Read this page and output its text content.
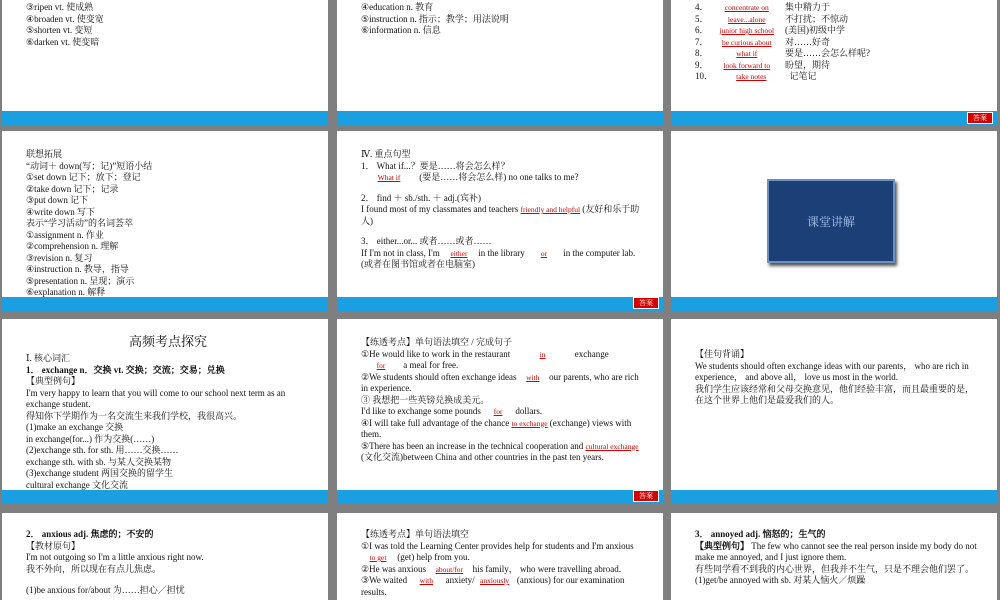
③ripen vt. 使成熟
④broaden vt. 使变宽
⑤shorten vt. 变短
⑥darken vt. 使变暗
④education n. 教育
⑤instruction n. 指示；教学；用法说明
⑥information n. 信息
4． concentrate on 集中精力于
5．	leave...alone 不打扰；不惊动
6． junior high school (美国)初级中学
7． be curious about 对……好奇
8．	what if	要是……会怎么样呢?
9． look forward to 盼望，期待
10．	take notes	记笔记
答案
联想拓展
“动词＋ down(写；记)”短语小结
①set down 记下；放下；登记
②take down 记下；记录
③put down 记下
④write down 写下
表示“学习活动”的名词荟萃
①assignment n. 作业
②comprehension n. 理解
③revision n. 复习
④instruction n. 教导，指导
⑤presentation n. 呈现；演示
⑥explanation n. 解释
Ⅳ. 重点句型
1． What if...？要是……将会怎么样？
What if (要是……将会怎么样) no one talks to me?
2． find ＋ sb./sth. ＋ adj.(宾补)
I found most of my classmates and teachers friendly and helpful (友好和乐于助人)
3． either...or... 或者……或者……
If I'm not in class, I'm either in the library or in the computer lab.(或者在图书馆或者在电脑室)
答案
课堂讲解
高频考点探究
Ⅰ. 核心词汇
1． exchange n．交换 vt. 交换；交流；交易；兑换
【典型例句】
I'm very happy to learn that you will come to our school next term as an exchange student.
得知你下学期作为一名交流生来我们学校，我很高兴。
(1)make an exchange 交换
in exchange(for...) 作为交换(……)
(2)exchange sth. for sth. 用……交换……
exchange sth. with sb. 与某人交换某物
(3)exchange student 两国交换的留学生
cultural exchange 文化交流
【练透考点】单句语法填空 / 完成句子
①He would like to work in the restaurant	in	exchange for a meal for free.
②We students should often exchange ideas with our parents, who are rich in experience.
③ 我想把一些英镑兑换成美元。
I'd like to exchange some pounds for dollars.
④I will take full advantage of the chance to exchange (exchange) views with them.
⑤There has been an increase in the technical cooperation and cultural exchange (文化交流)between China and other countries in the past ten years.
答案
【佳句背诵】
We students should often exchange ideas with our parents， who are rich in experience， and above all， love us most in the world.
我们学生应该经常和父母交换意见，他们经验丰富，而且最重要的是，在这个世界上他们是最爱我们的人。
2． anxious adj. 焦虑的；不安的
【教材原句】
I'm not outgoing so I'm a little anxious right now.
我不外向，所以现在有点儿焦虑。
(1)be anxious for/about 为……担心／担忧
【练透考点】单句语法填空
①I was told the Learning Center provides help for students and I'm anxious to get (get) help from you.
②He was anxious about/for his family， who were travelling abroad.
③We waited with anxiety/ anxiously (anxious) for our examination results.
3． annoyed adj. 恼怒的；生气的
【典型例句】 The few who cannot see the real person inside my body do not make me annoyed, and I just ignore them.
有些同学看不到我的内心世界，但我并不生气，只是不理会他们罢了。
(1)get/be annoyed with sb. 对某人恼火／烦躁
